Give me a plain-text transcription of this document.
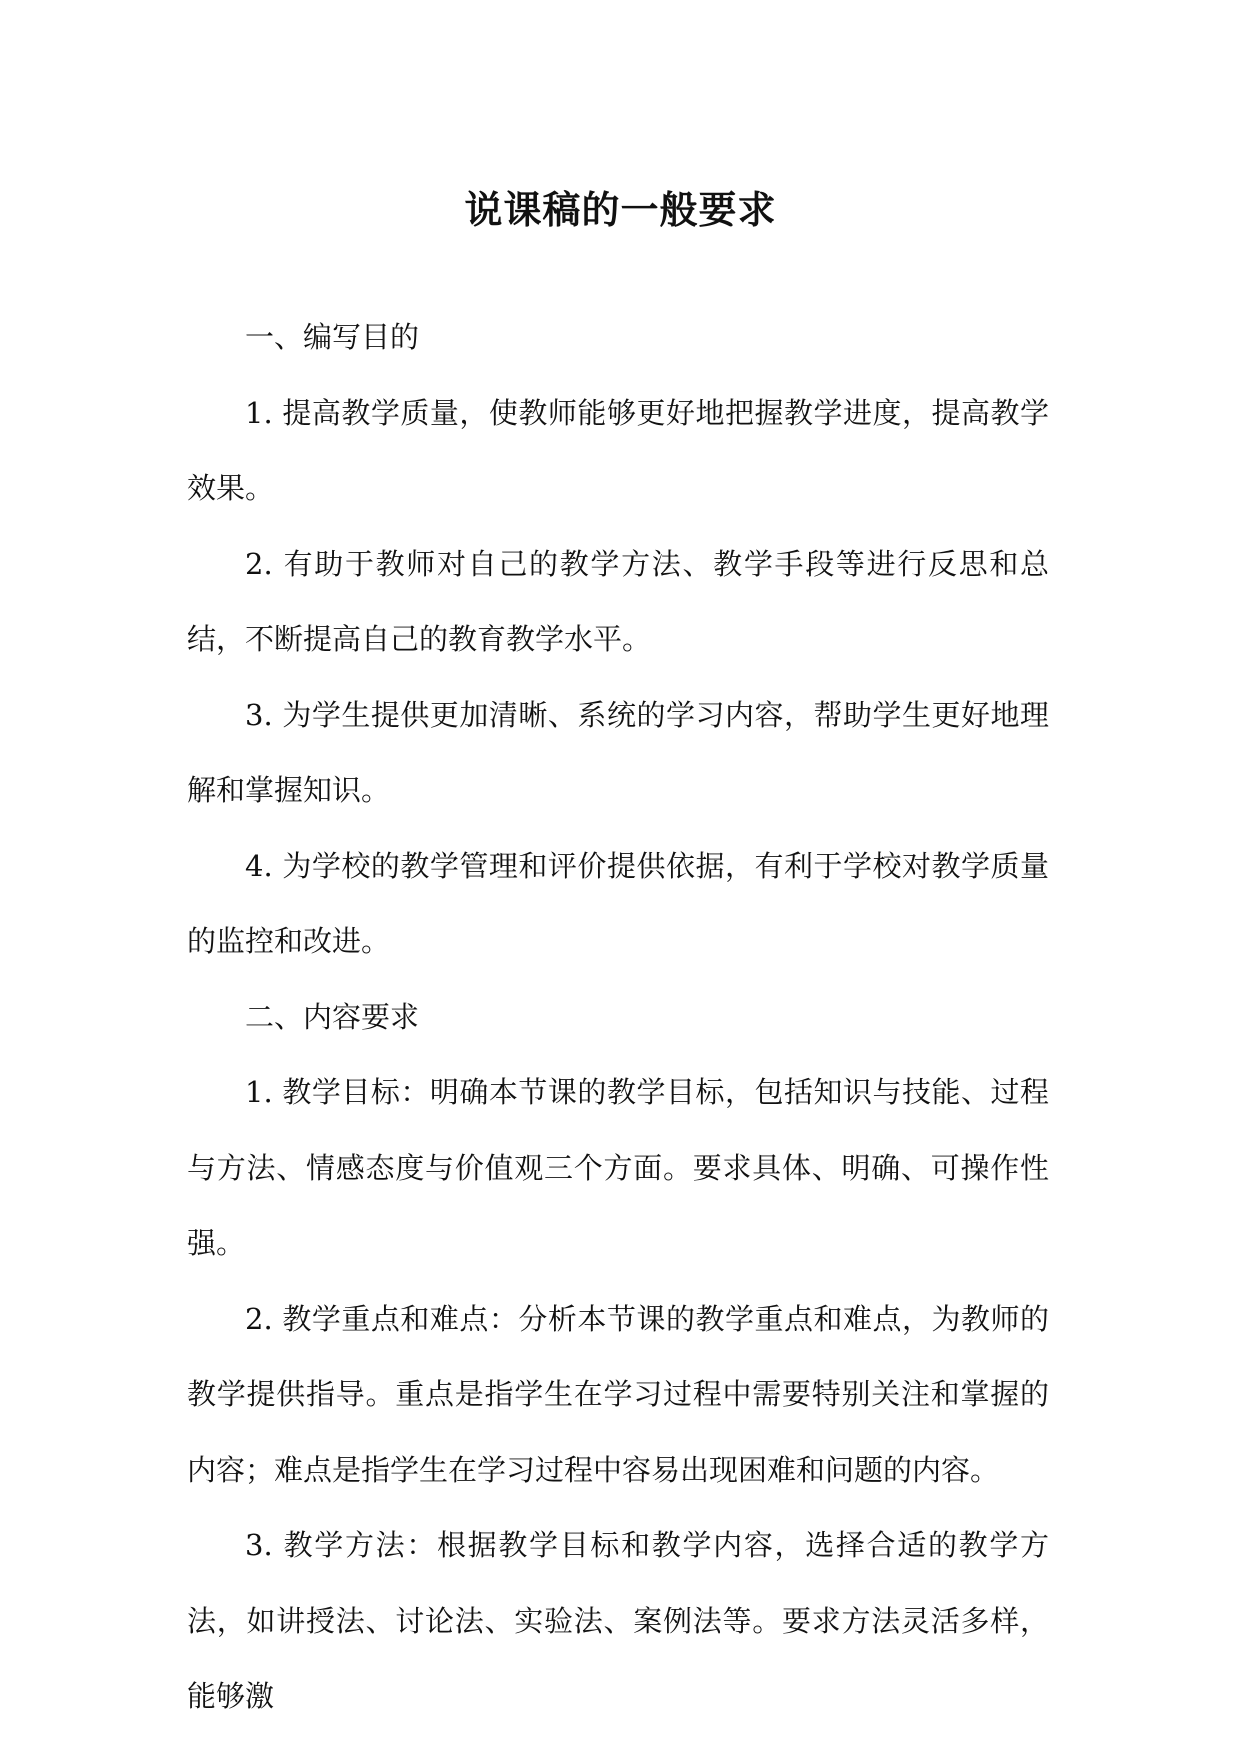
说课稿的一般要求

一、编写目的

1. 提高教学质量，使教师能够更好地把握教学进度，提高教学效果。

2. 有助于教师对自己的教学方法、教学手段等进行反思和总结，不断提高自己的教育教学水平。

3. 为学生提供更加清晰、系统的学习内容，帮助学生更好地理解和掌握知识。

4. 为学校的教学管理和评价提供依据，有利于学校对教学质量的监控和改进。

二、内容要求

1. 教学目标：明确本节课的教学目标，包括知识与技能、过程与方法、情感态度与价值观三个方面。要求具体、明确、可操作性强。

2. 教学重点和难点：分析本节课的教学重点和难点，为教师的教学提供指导。重点是指学生在学习过程中需要特别关注和掌握的内容；难点是指学生在学习过程中容易出现困难和问题的内容。

3. 教学方法：根据教学目标和教学内容，选择合适的教学方法，如讲授法、讨论法、实验法、案例法等。要求方法灵活多样，能够激
